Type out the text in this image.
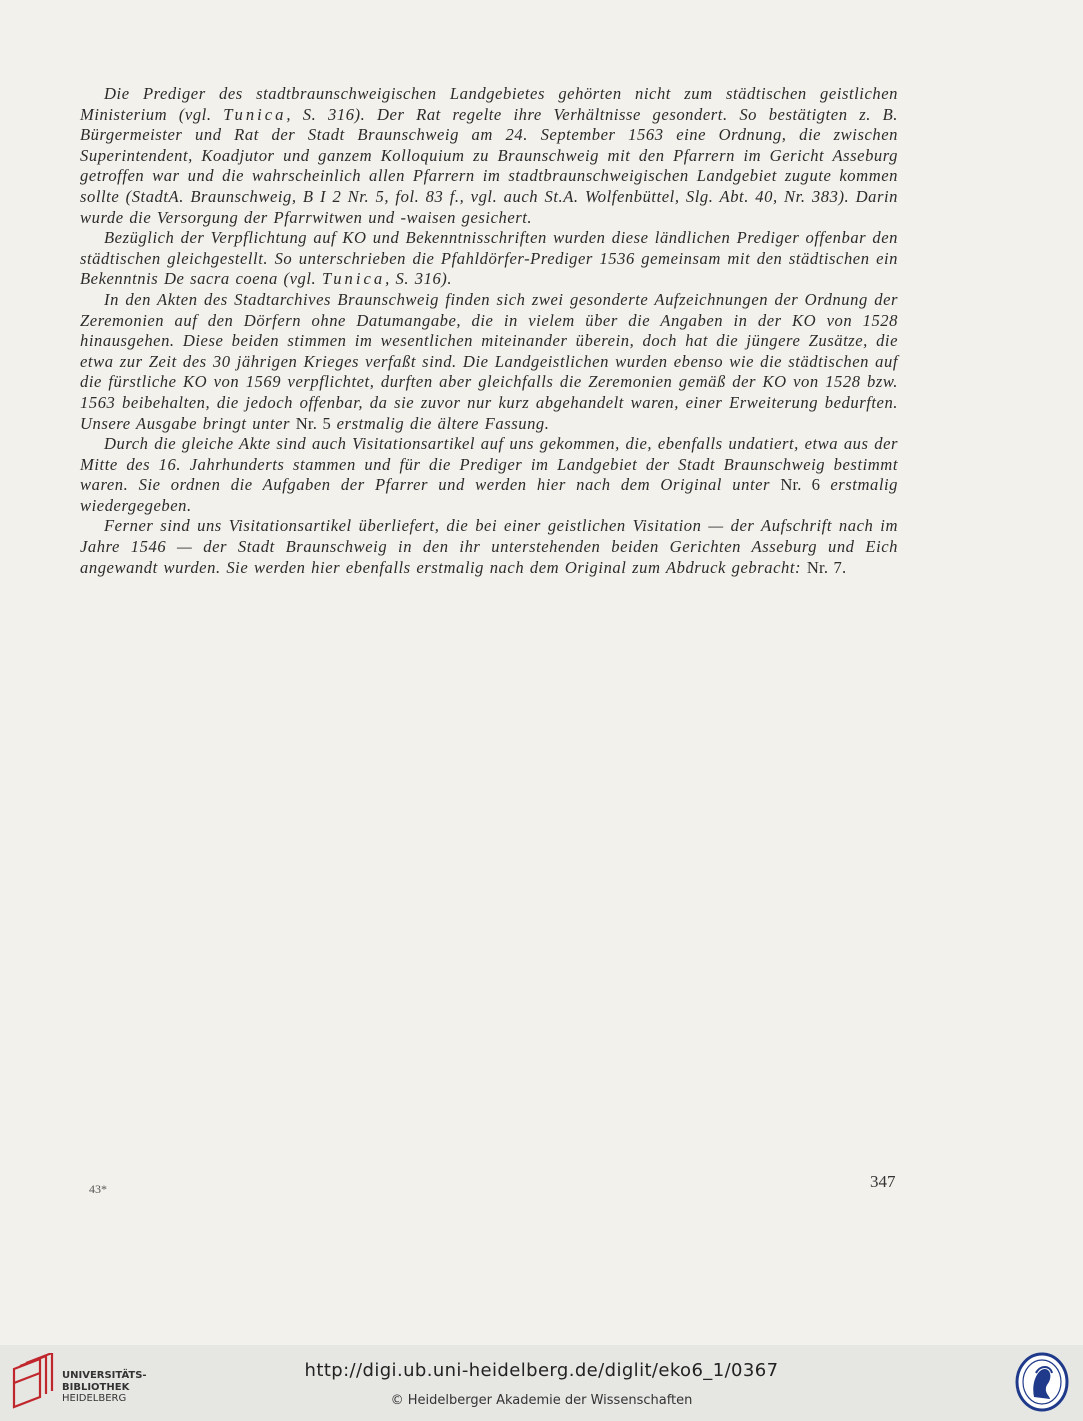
Die Prediger des stadtbraunschweigischen Landgebietes gehörten nicht zum städtischen geistlichen Ministerium (vgl. Tunica, S. 316). Der Rat regelte ihre Verhältnisse gesondert. So bestätigten z. B. Bürgermeister und Rat der Stadt Braunschweig am 24. September 1563 eine Ordnung, die zwischen Superintendent, Koadjutor und ganzem Kolloquium zu Braunschweig mit den Pfarrern im Gericht Asseburg getroffen war und die wahrscheinlich allen Pfarrern im stadtbraunschweigischen Landgebiet zugute kommen sollte (StadtA. Braunschweig, B I 2 Nr. 5, fol. 83 f., vgl. auch St.A. Wolfenbüttel, Slg. Abt. 40, Nr. 383). Darin wurde die Versorgung der Pfarrwitwen und -waisen gesichert.

Bezüglich der Verpflichtung auf KO und Bekenntnisschriften wurden diese ländlichen Prediger offenbar den städtischen gleichgestellt. So unterschrieben die Pfahldörfer-Prediger 1536 gemeinsam mit den städtischen ein Bekenntnis De sacra coena (vgl. Tunica, S. 316).

In den Akten des Stadtarchives Braunschweig finden sich zwei gesonderte Aufzeichnungen der Ordnung der Zeremonien auf den Dörfern ohne Datumangabe, die in vielem über die Angaben in der KO von 1528 hinausgehen. Diese beiden stimmen im wesentlichen miteinander überein, doch hat die jüngere Zusätze, die etwa zur Zeit des 30 jährigen Krieges verfaßt sind. Die Landgeistlichen wurden ebenso wie die städtischen auf die fürstliche KO von 1569 verpflichtet, durften aber gleichfalls die Zeremonien gemäß der KO von 1528 bzw. 1563 beibehalten, die jedoch offenbar, da sie zuvor nur kurz abgehandelt waren, einer Erweiterung bedurften. Unsere Ausgabe bringt unter Nr. 5 erstmalig die ältere Fassung.

Durch die gleiche Akte sind auch Visitationsartikel auf uns gekommen, die, ebenfalls undatiert, etwa aus der Mitte des 16. Jahrhunderts stammen und für die Prediger im Landgebiet der Stadt Braunschweig bestimmt waren. Sie ordnen die Aufgaben der Pfarrer und werden hier nach dem Original unter Nr. 6 erstmalig wiedergegeben.

Ferner sind uns Visitationsartikel überliefert, die bei einer geistlichen Visitation — der Aufschrift nach im Jahre 1546 — der Stadt Braunschweig in den ihr unterstehenden beiden Gerichten Asseburg und Eich angewandt wurden. Sie werden hier ebenfalls erstmalig nach dem Original zum Abdruck gebracht: Nr. 7.

43*	347
UNIVERSITÄTS-
BIBLIOTHEK
HEIDELBERG
http://digi.ub.uni-heidelberg.de/diglit/eko6_1/0367
© Heidelberger Akademie der Wissenschaften
